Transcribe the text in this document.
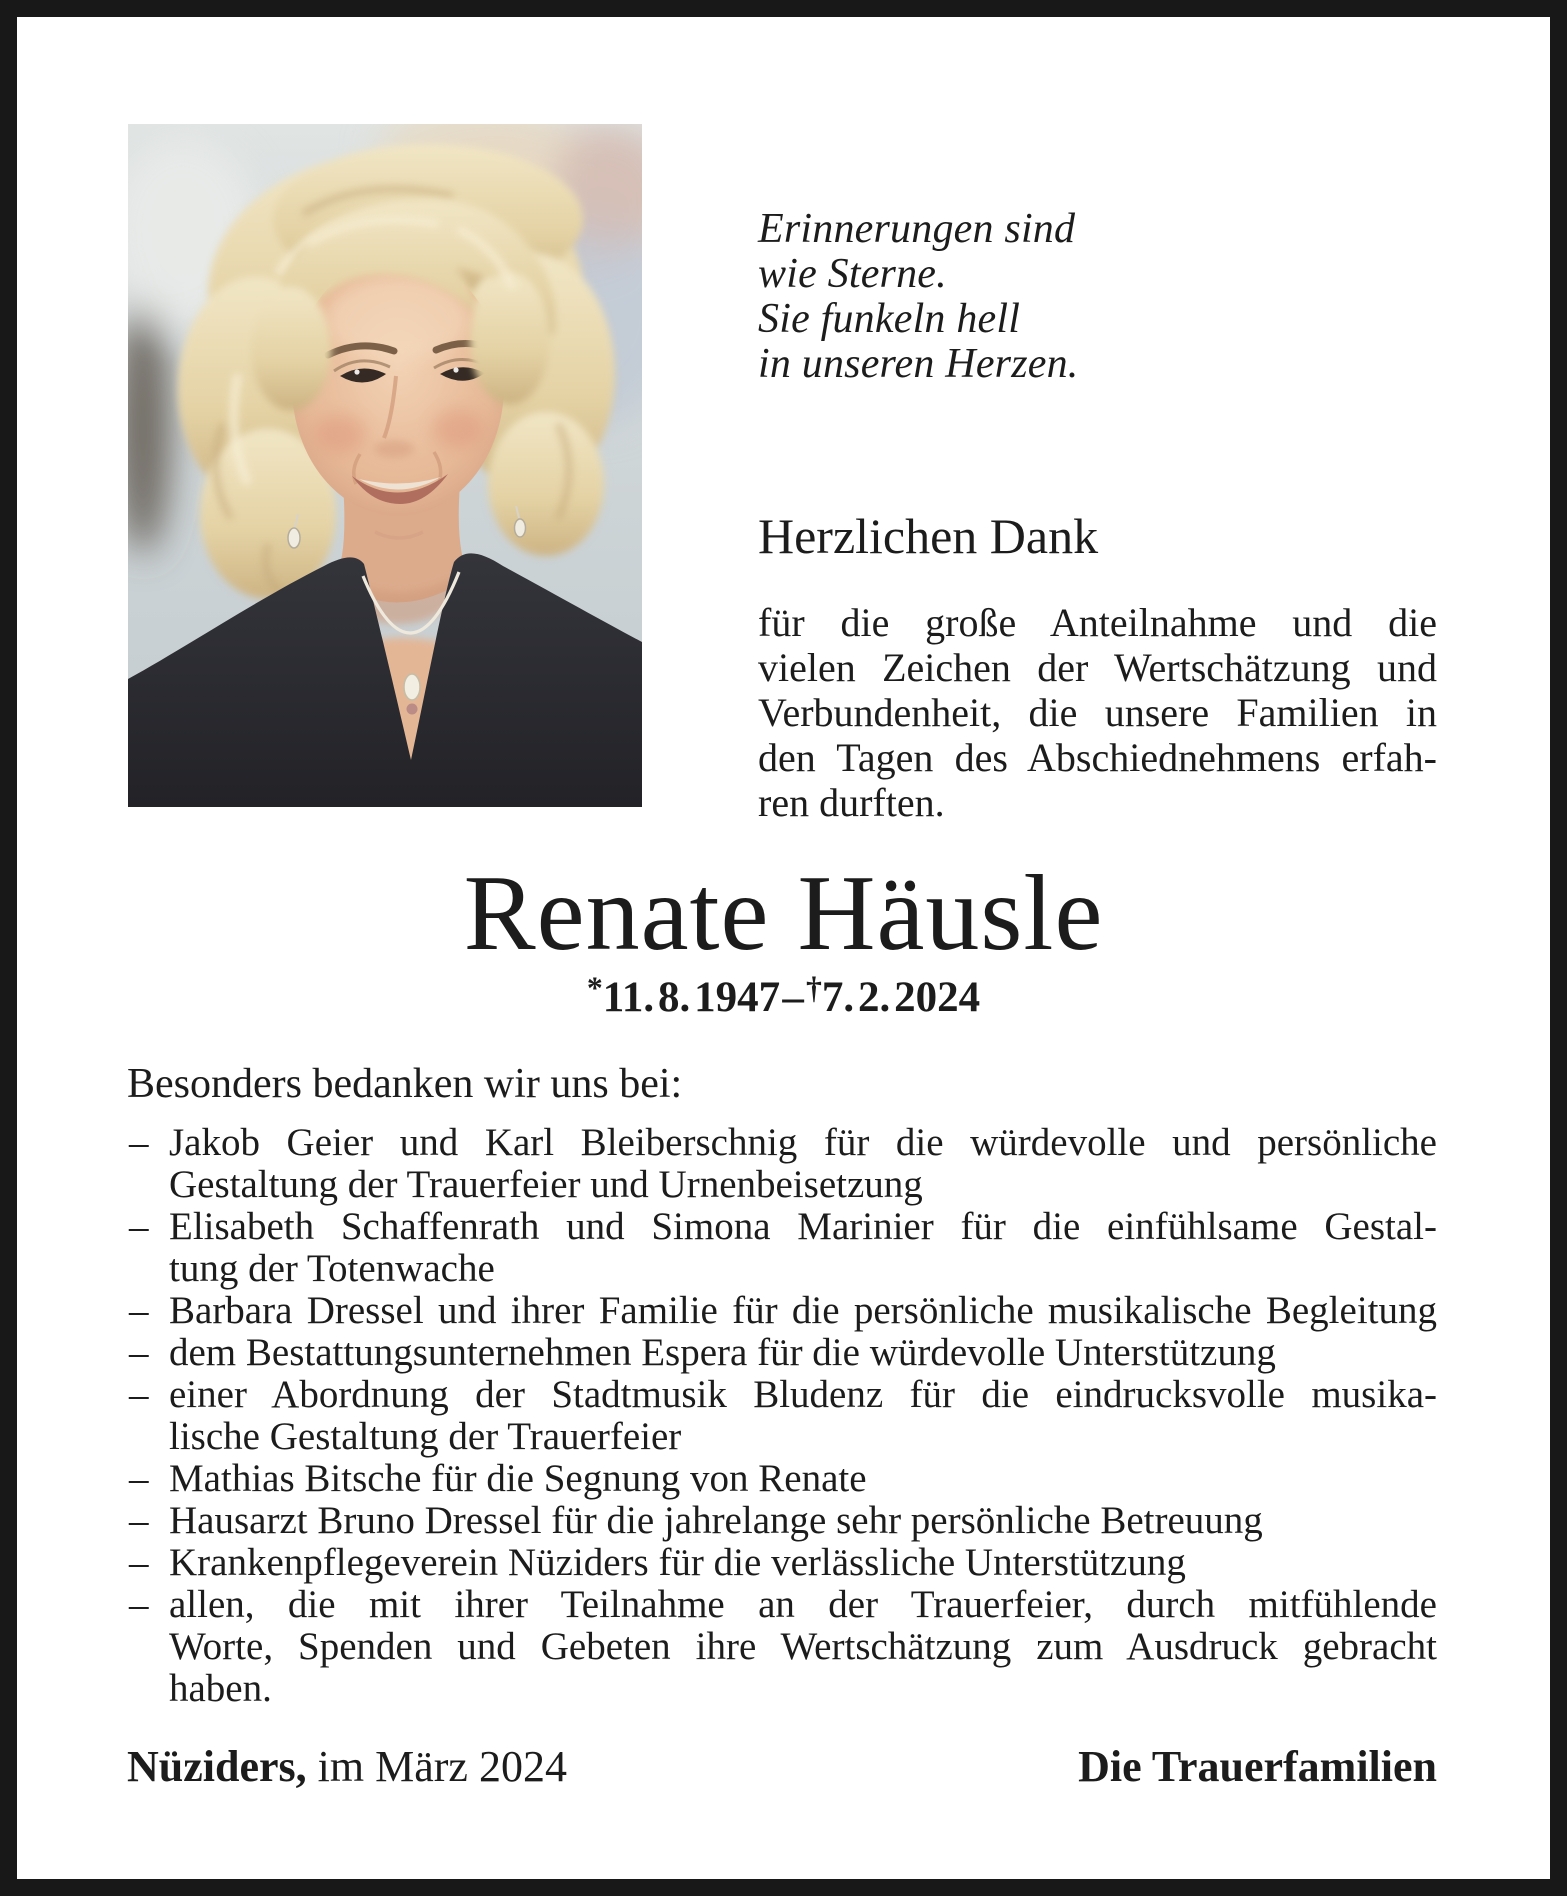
Erinnerungen sind
wie Sterne.
Sie funkeln hell
in unseren Herzen.
Herzlichen Dank
für die große Anteilnahme und die
vielen Zeichen der Wertschätzung und
Verbundenheit, die unsere Familien in
den Tagen des Abschiednehmens erfah-
ren durften.
Renate Häusle
*11. 8. 1947–†7. 2. 2024
Besonders bedanken wir uns bei:
– Jakob Geier und Karl Bleiberschnig für die würdevolle und persönliche
Gestaltung der Trauerfeier und Urnenbeisetzung
– Elisabeth Schaffenrath und Simona Marinier für die einfühlsame Gestal-
tung der Totenwache
– Barbara Dressel und ihrer Familie für die persönliche musikalische Begleitung
– dem Bestattungsunternehmen Espera für die würdevolle Unterstützung
– einer Abordnung der Stadtmusik Bludenz für die eindrucksvolle musika-
lische Gestaltung der Trauerfeier
– Mathias Bitsche für die Segnung von Renate
– Hausarzt Bruno Dressel für die jahrelange sehr persönliche Betreuung
– Krankenpflegeverein Nüziders für die verlässliche Unterstützung
– allen, die mit ihrer Teilnahme an der Trauerfeier, durch mitfühlende
Worte, Spenden und Gebeten ihre Wertschätzung zum Ausdruck gebracht
haben.
Nüziders, im März 2024	Die Trauerfamilien
